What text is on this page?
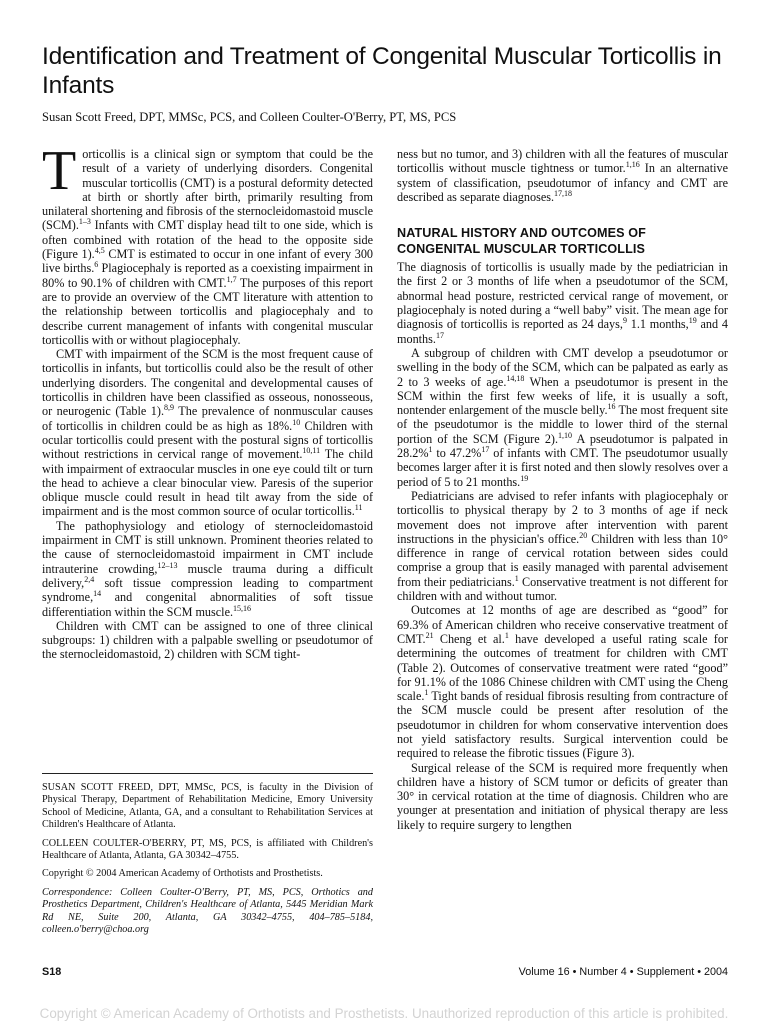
Identification and Treatment of Congenital Muscular Torticollis in Infants
Susan Scott Freed, DPT, MMSc, PCS, and Colleen Coulter-O'Berry, PT, MS, PCS

Torticollis is a clinical sign or symptom that could be the result of a variety of underlying disorders. Congenital muscular torticollis (CMT) is a postural deformity detected at birth or shortly after birth, primarily resulting from unilateral shortening and fibrosis of the sternocleidomastoid muscle (SCM).$^{1-3}$ Infants with CMT display head tilt to one side, which is often combined with rotation of the head to the opposite side (Figure 1).$^{4,5}$ CMT is estimated to occur in one infant of every 300 live births.$^6$ Plagiocephaly is reported as a coexisting impairment in 80% to 90.1% of children with CMT.$^{1,7}$ The purposes of this report are to provide an overview of the CMT literature with attention to the relationship between torticollis and plagiocephaly and to describe current management of infants with congenital muscular torticollis with or without plagiocephaly.

CMT with impairment of the SCM is the most frequent cause of torticollis in infants, but torticollis could also be the result of other underlying disorders. The congenital and developmental causes of torticollis in children have been classified as osseous, nonosseous, or neurogenic (Table 1).$^{8,9}$ The prevalence of nonmuscular causes of torticollis in children could be as high as 18%.$^{10}$ Children with ocular torticollis could present with the postural signs of torticollis without restrictions in cervical range of movement.$^{10,11}$ The child with impairment of extraocular muscles in one eye could tilt or turn the head to achieve a clear binocular view. Paresis of the superior oblique muscle could result in head tilt away from the side of impairment and is the most common source of ocular torticollis.$^{11}$

The pathophysiology and etiology of sternocleidomastoid impairment in CMT is still unknown. Prominent theories related to the cause of sternocleidomastoid impairment in CMT include intrauterine crowding,$^{12-13}$ muscle trauma during a difficult delivery,$^{2,4}$ soft tissue compression leading to compartment syndrome,$^{14}$ and congenital abnormalities of soft tissue differentiation within the SCM muscle.$^{15,16}$

Children with CMT can be assigned to one of three clinical subgroups: 1) children with a palpable swelling or pseudotumor of the sternocleidomastoid, 2) children with SCM tight-

SUSAN SCOTT FREED, DPT, MMSc, PCS, is faculty in the Division of Physical Therapy, Department of Rehabilitation Medicine, Emory University School of Medicine, Atlanta, GA, and a consultant to Rehabilitation Services at Children's Healthcare of Atlanta.

COLLEEN COULTER-O'BERRY, PT, MS, PCS, is affiliated with Children's Healthcare of Atlanta, Atlanta, GA 30342–4755.

Copyright © 2004 American Academy of Orthotists and Prosthetists.

Correspondence: Colleen Coulter-O'Berry, PT, MS, PCS, Orthotics and Prosthetics Department, Children's Healthcare of Atlanta, 5445 Meridian Mark Rd NE, Suite 200, Atlanta, GA 30342–4755, 404–785–5184, colleen.o'berry@choa.org

ness but no tumor, and 3) children with all the features of muscular torticollis without muscle tightness or tumor.$^{1,16}$ In an alternative system of classification, pseudotumor of infancy and CMT are described as separate diagnoses.$^{17,18}$

NATURAL HISTORY AND OUTCOMES OF CONGENITAL MUSCULAR TORTICOLLIS

The diagnosis of torticollis is usually made by the pediatrician in the first 2 or 3 months of life when a pseudotumor of the SCM, abnormal head posture, restricted cervical range of movement, or plagiocephaly is noted during a “well baby” visit. The mean age for diagnosis of torticollis is reported as 24 days,$^9$ 1.1 months,$^{19}$ and 4 months.$^{17}$

A subgroup of children with CMT develop a pseudotumor or swelling in the body of the SCM, which can be palpated as early as 2 to 3 weeks of age.$^{14,18}$ When a pseudotumor is present in the SCM within the first few weeks of life, it is usually a soft, nontender enlargement of the muscle belly.$^{16}$ The most frequent site of the pseudotumor is the middle to lower third of the sternal portion of the SCM (Figure 2).$^{1,10}$ A pseudotumor is palpated in 28.2%$^1$ to 47.2%$^{17}$ of infants with CMT. The pseudotumor usually becomes larger after it is first noted and then slowly resolves over a period of 5 to 21 months.$^{19}$

Pediatricians are advised to refer infants with plagiocephaly or torticollis to physical therapy by 2 to 3 months of age if neck movement does not improve after intervention with parent instructions in the physician's office.$^{20}$ Children with less than 10° difference in range of cervical rotation between sides could comprise a group that is easily managed with parental advisement from their pediatricians.$^1$ Conservative treatment is not different for children with and without tumor.

Outcomes at 12 months of age are described as “good” for 69.3% of American children who receive conservative treatment of CMT.$^{21}$ Cheng et al.$^1$ have developed a useful rating scale for determining the outcomes of treatment for children with CMT (Table 2). Outcomes of conservative treatment were rated “good” for 91.1% of the 1086 Chinese children with CMT using the Cheng scale.$^1$ Tight bands of residual fibrosis resulting from contracture of the SCM muscle could be present after resolution of the pseudotumor in children for whom conservative intervention does not yield satisfactory results. Surgical intervention could be required to release the fibrotic tissues (Figure 3).

Surgical release of the SCM is required more frequently when children have a history of SCM tumor or deficits of greater than 30° in cervical rotation at the time of diagnosis. Children who are younger at presentation and initiation of physical therapy are less likely to require surgery to lengthen

S18	Volume 16 • Number 4 • Supplement • 2004
Copyright © American Academy of Orthotists and Prosthetists. Unauthorized reproduction of this article is prohibited.
